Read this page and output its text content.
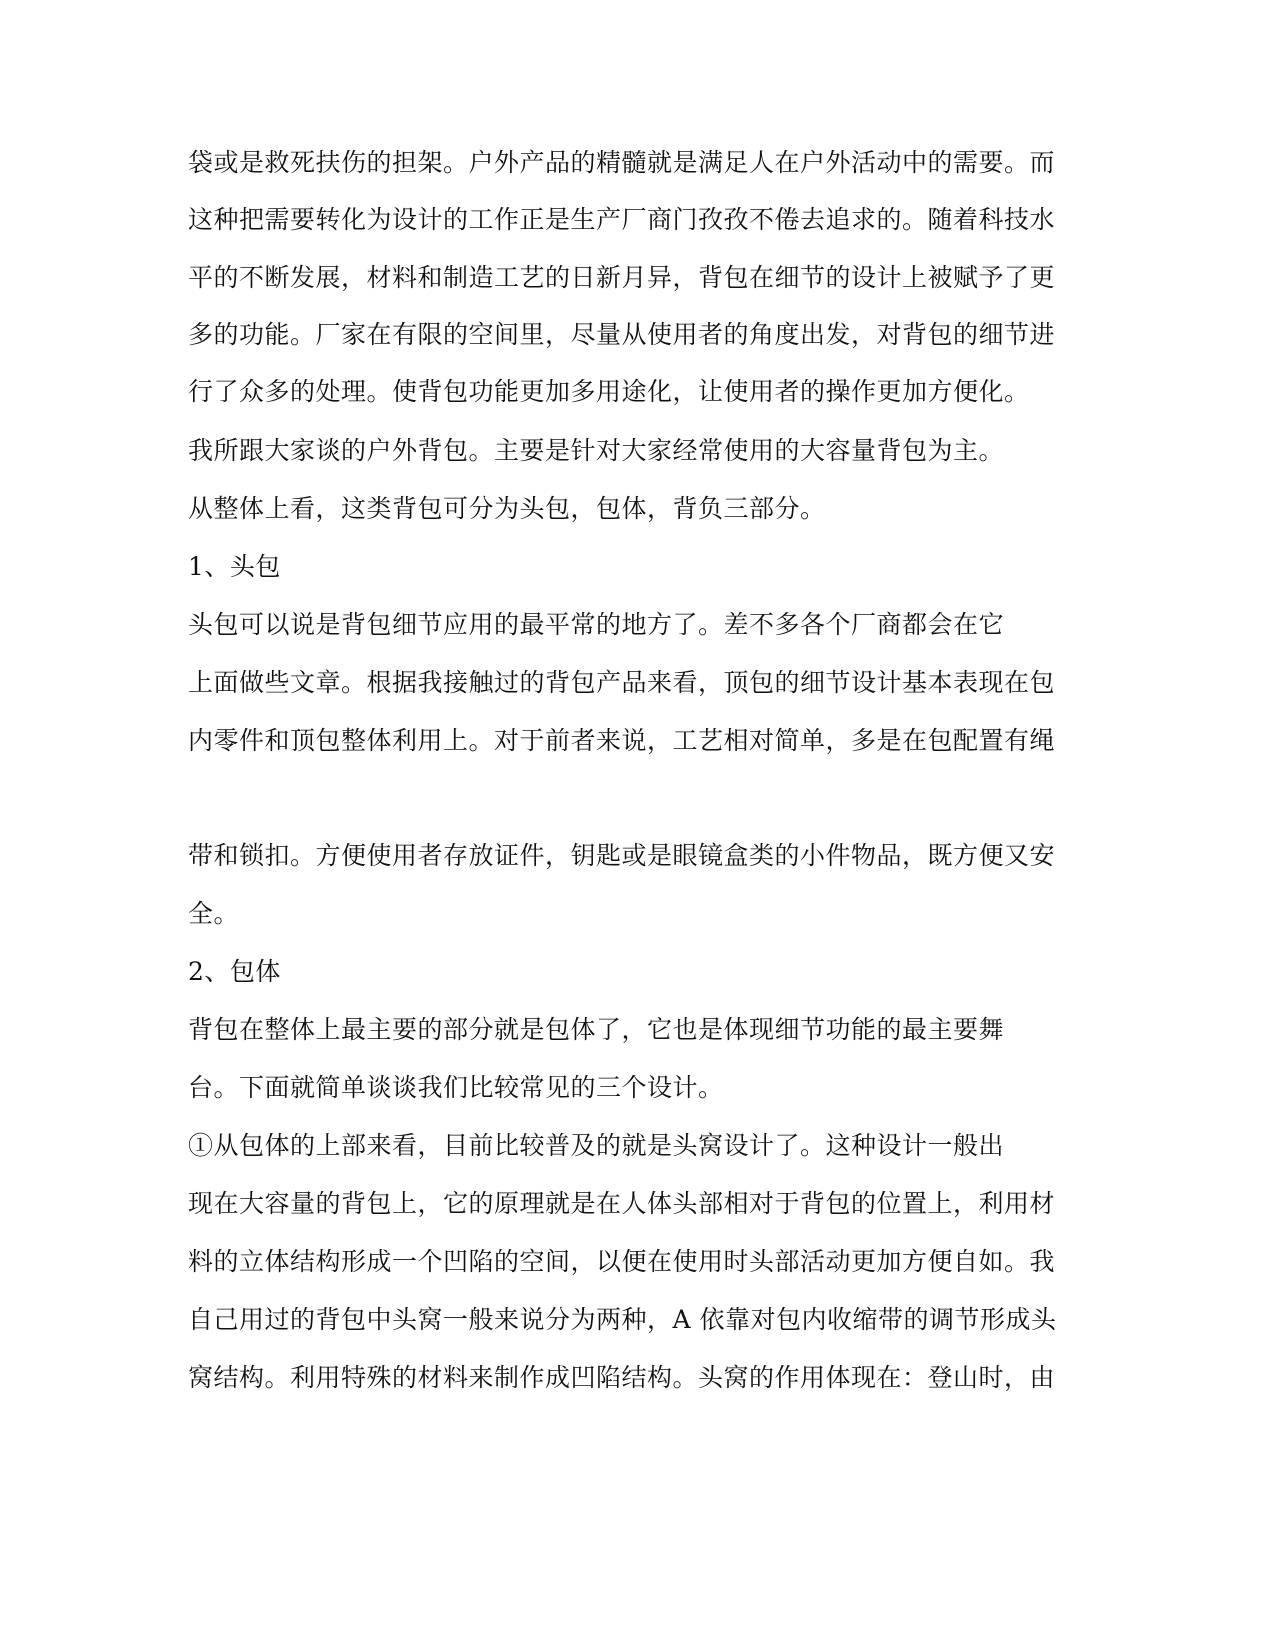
袋或是救死扶伤的担架。户外产品的精髓就是满足人在户外活动中的需要。而

这种把需要转化为设计的工作正是生产厂商门孜孜不倦去追求的。随着科技水

平的不断发展，材料和制造工艺的日新月异，背包在细节的设计上被赋予了更

多的功能。厂家在有限的空间里，尽量从使用者的角度出发，对背包的细节进

行了众多的处理。使背包功能更加多用途化，让使用者的操作更加方便化。

我所跟大家谈的户外背包。主要是针对大家经常使用的大容量背包为主。

从整体上看，这类背包可分为头包，包体，背负三部分。

1、头包

头包可以说是背包细节应用的最平常的地方了。差不多各个厂商都会在它

上面做些文章。根据我接触过的背包产品来看，顶包的细节设计基本表现在包

内零件和顶包整体利用上。对于前者来说，工艺相对简单，多是在包配置有绳

带和锁扣。方便使用者存放证件，钥匙或是眼镜盒类的小件物品，既方便又安

全。

2、包体

背包在整体上最主要的部分就是包体了，它也是体现细节功能的最主要舞

台。下面就简单谈谈我们比较常见的三个设计。

①从包体的上部来看，目前比较普及的就是头窝设计了。这种设计一般出

现在大容量的背包上，它的原理就是在人体头部相对于背包的位置上，利用材

料的立体结构形成一个凹陷的空间，以便在使用时头部活动更加方便自如。我

自己用过的背包中头窝一般来说分为两种，A 依靠对包内收缩带的调节形成头

窝结构。利用特殊的材料来制作成凹陷结构。头窝的作用体现在：登山时，由
